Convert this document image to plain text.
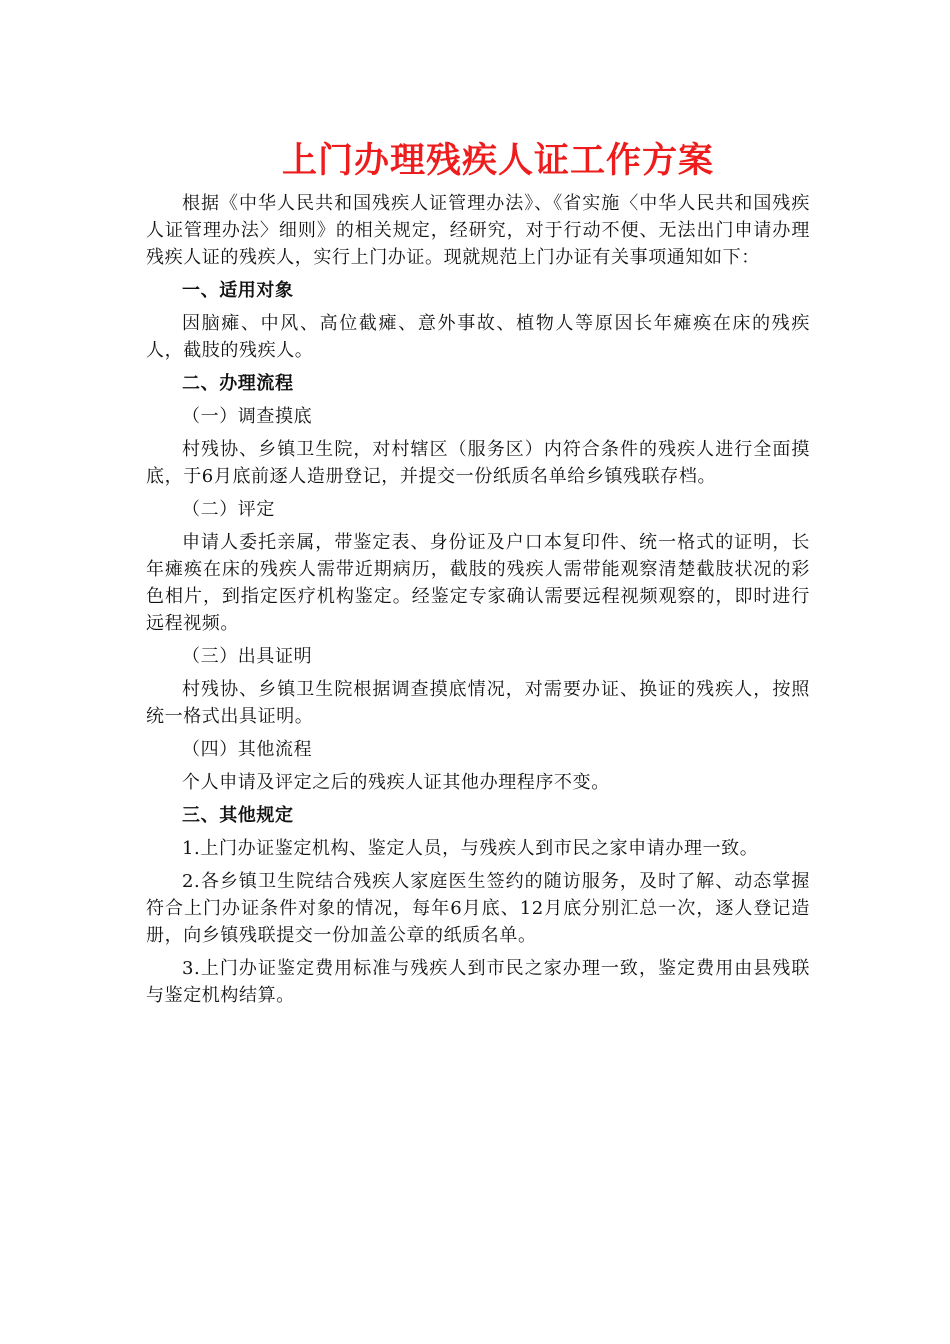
上门办理残疾人证工作方案
根据《中华人民共和国残疾人证管理办法》、《省实施〈中华人民共和国残疾人证管理办法〉细则》的相关规定，经研究，对于行动不便、无法出门申请办理残疾人证的残疾人，实行上门办证。现就规范上门办证有关事项通知如下：
一、适用对象
因脑瘫、中风、高位截瘫、意外事故、植物人等原因长年瘫痪在床的残疾人，截肢的残疾人。
二、办理流程
（一）调查摸底
村残协、乡镇卫生院，对村辖区（服务区）内符合条件的残疾人进行全面摸底，于6月底前逐人造册登记，并提交一份纸质名单给乡镇残联存档。
（二）评定
申请人委托亲属，带鉴定表、身份证及户口本复印件、统一格式的证明，长年瘫痪在床的残疾人需带近期病历，截肢的残疾人需带能观察清楚截肢状况的彩色相片，到指定医疗机构鉴定。经鉴定专家确认需要远程视频观察的，即时进行远程视频。
（三）出具证明
村残协、乡镇卫生院根据调查摸底情况，对需要办证、换证的残疾人，按照统一格式出具证明。
（四）其他流程
个人申请及评定之后的残疾人证其他办理程序不变。
三、其他规定
1.上门办证鉴定机构、鉴定人员，与残疾人到市民之家申请办理一致。
2.各乡镇卫生院结合残疾人家庭医生签约的随访服务，及时了解、动态掌握符合上门办证条件对象的情况，每年6月底、12月底分别汇总一次，逐人登记造册，向乡镇残联提交一份加盖公章的纸质名单。
3.上门办证鉴定费用标准与残疾人到市民之家办理一致，鉴定费用由县残联与鉴定机构结算。
